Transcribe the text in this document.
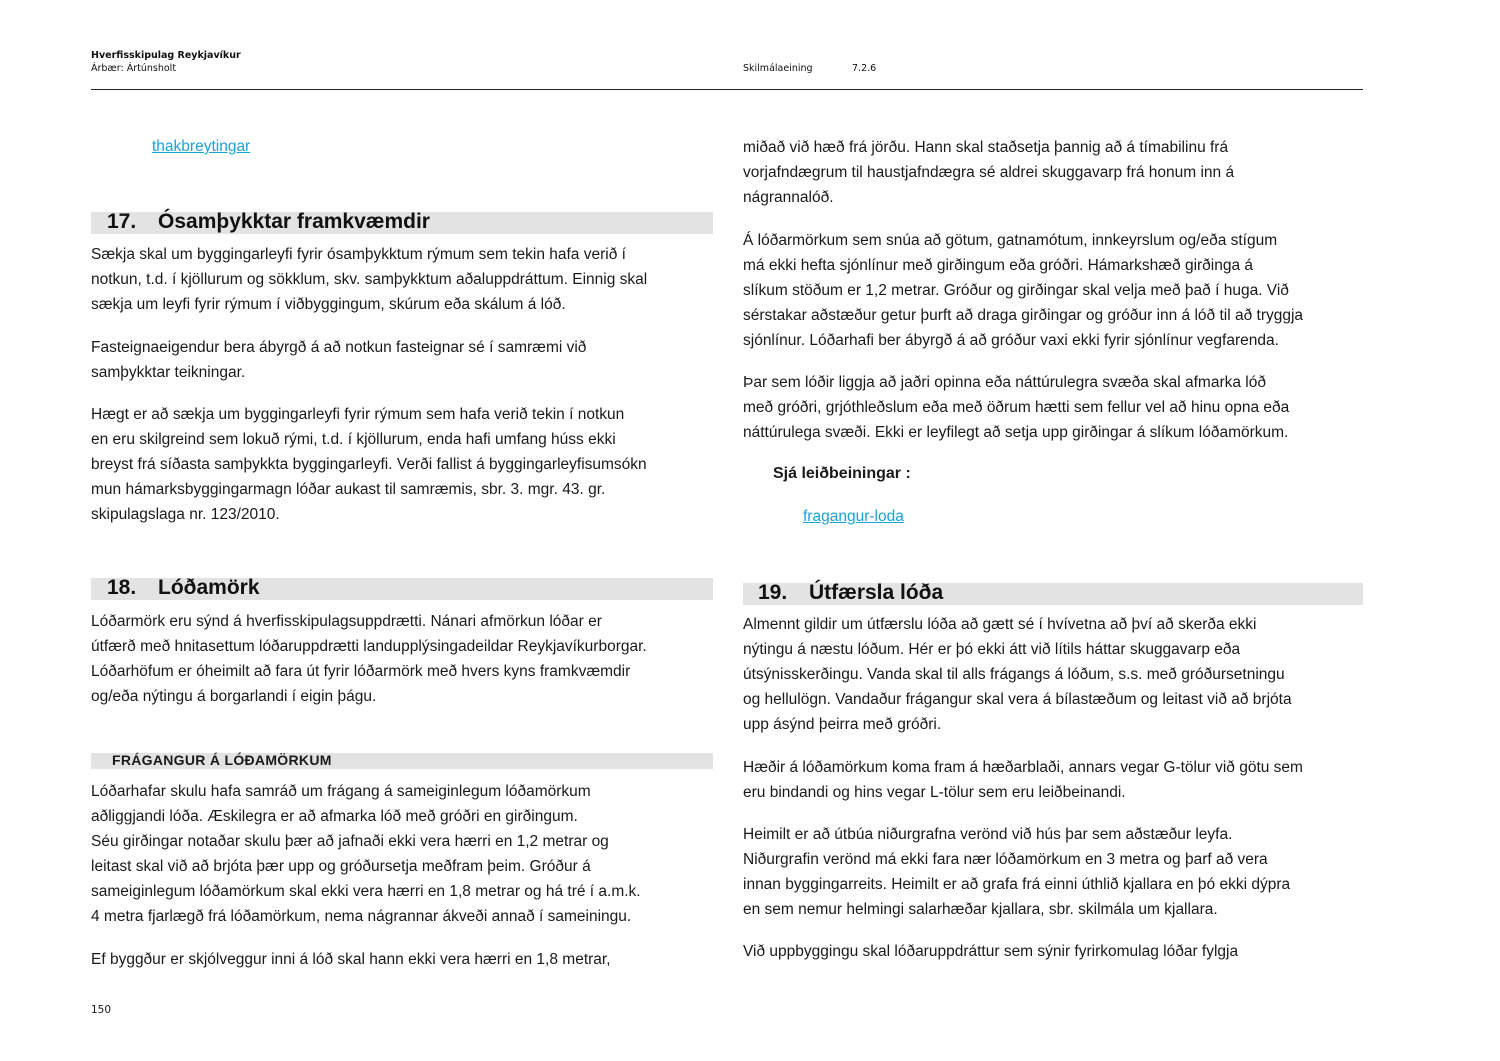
Hverfisskipulag Reykjavíkur
Árbær: Ártúnsholt	Skilmálaeining	7.2.6
thakbreytingar
17. Ósamþykktar framkvæmdir
Sækja skal um byggingarleyfi fyrir ósamþykktum rýmum sem tekin hafa verið í
notkun, t.d. í kjöllurum og sökklum, skv. samþykktum aðaluppdráttum. Einnig skal
sækja um leyfi fyrir rýmum í viðbyggingum, skúrum eða skálum á lóð.
Fasteignaeigendur bera ábyrgð á að notkun fasteignar sé í samræmi við
samþykktar teikningar.
Hægt er að sækja um byggingarleyfi fyrir rýmum sem hafa verið tekin í notkun
en eru skilgreind sem lokuð rými, t.d. í kjöllurum, enda hafi umfang húss ekki
breyst frá síðasta samþykkta byggingarleyfi. Verði fallist á byggingarleyfisumsókn
mun hámarksbyggingarmagn lóðar aukast til samræmis, sbr. 3. mgr. 43. gr.
skipulagslaga nr. 123/2010.
18. Lóðamörk
Lóðarmörk eru sýnd á hverfisskipulagsuppdrætti. Nánari afmörkun lóðar er
útfærð með hnitasettum lóðaruppdrætti landupplýsingadeildar Reykjavíkurborgar.
Lóðarhöfum er óheimilt að fara út fyrir lóðarmörk með hvers kyns framkvæmdir
og/eða nýtingu á borgarlandi í eigin þágu.
FRÁGANGUR Á LÓÐAMÖRKUM
Lóðarhafar skulu hafa samráð um frágang á sameiginlegum lóðamörkum
aðliggjandi lóða. Æskilegra er að afmarka lóð með gróðri en girðingum.
Séu girðingar notaðar skulu þær að jafnaði ekki vera hærri en 1,2 metrar og
leitast skal við að brjóta þær upp og gróðursetja meðfram þeim. Gróður á
sameiginlegum lóðamörkum skal ekki vera hærri en 1,8 metrar og há tré í a.m.k.
4 metra fjarlægð frá lóðamörkum, nema nágrannar ákveði annað í sameiningu.
Ef byggður er skjólveggur inni á lóð skal hann ekki vera hærri en 1,8 metrar,
miðað við hæð frá jörðu. Hann skal staðsetja þannig að á tímabilinu frá
vorjafndægrum til haustjafndægra sé aldrei skuggavarp frá honum inn á
nágrannalóð.
Á lóðarmörkum sem snúa að götum, gatnamótum, innkeyrslum og/eða stígum
má ekki hefta sjónlínur með girðingum eða gróðri. Hámarkshæð girðinga á
slíkum stöðum er 1,2 metrar. Gróður og girðingar skal velja með það í huga. Við
sérstakar aðstæður getur þurft að draga girðingar og gróður inn á lóð til að tryggja
sjónlínur. Lóðarhafi ber ábyrgð á að gróður vaxi ekki fyrir sjónlínur vegfarenda.
Þar sem lóðir liggja að jaðri opinna eða náttúrulegra svæða skal afmarka lóð
með gróðri, grjóthleðslum eða með öðrum hætti sem fellur vel að hinu opna eða
náttúrulega svæði. Ekki er leyfilegt að setja upp girðingar á slíkum lóðamörkum.
Sjá leiðbeiningar :
fragangur-loda
19. Útfærsla lóða
Almennt gildir um útfærslu lóða að gætt sé í hvívetna að því að skerða ekki
nýtingu á næstu lóðum. Hér er þó ekki átt við lítils háttar skuggavarp eða
útsýnisskerðingu. Vanda skal til alls frágangs á lóðum, s.s. með gróðursetningu
og hellulögn. Vandaður frágangur skal vera á bílastæðum og leitast við að brjóta
upp ásýnd þeirra með gróðri.
Hæðir á lóðamörkum koma fram á hæðarblaði, annars vegar G-tölur við götu sem
eru bindandi og hins vegar L-tölur sem eru leiðbeinandi.
Heimilt er að útbúa niðurgrafna verönd við hús þar sem aðstæður leyfa.
Niðurgrafin verönd má ekki fara nær lóðamörkum en 3 metra og þarf að vera
innan byggingarreits. Heimilt er að grafa frá einni úthlið kjallara en þó ekki dýpra
en sem nemur helmingi salarhæðar kjallara, sbr. skilmála um kjallara.
Við uppbyggingu skal lóðaruppdráttur sem sýnir fyrirkomulag lóðar fylgja
150
